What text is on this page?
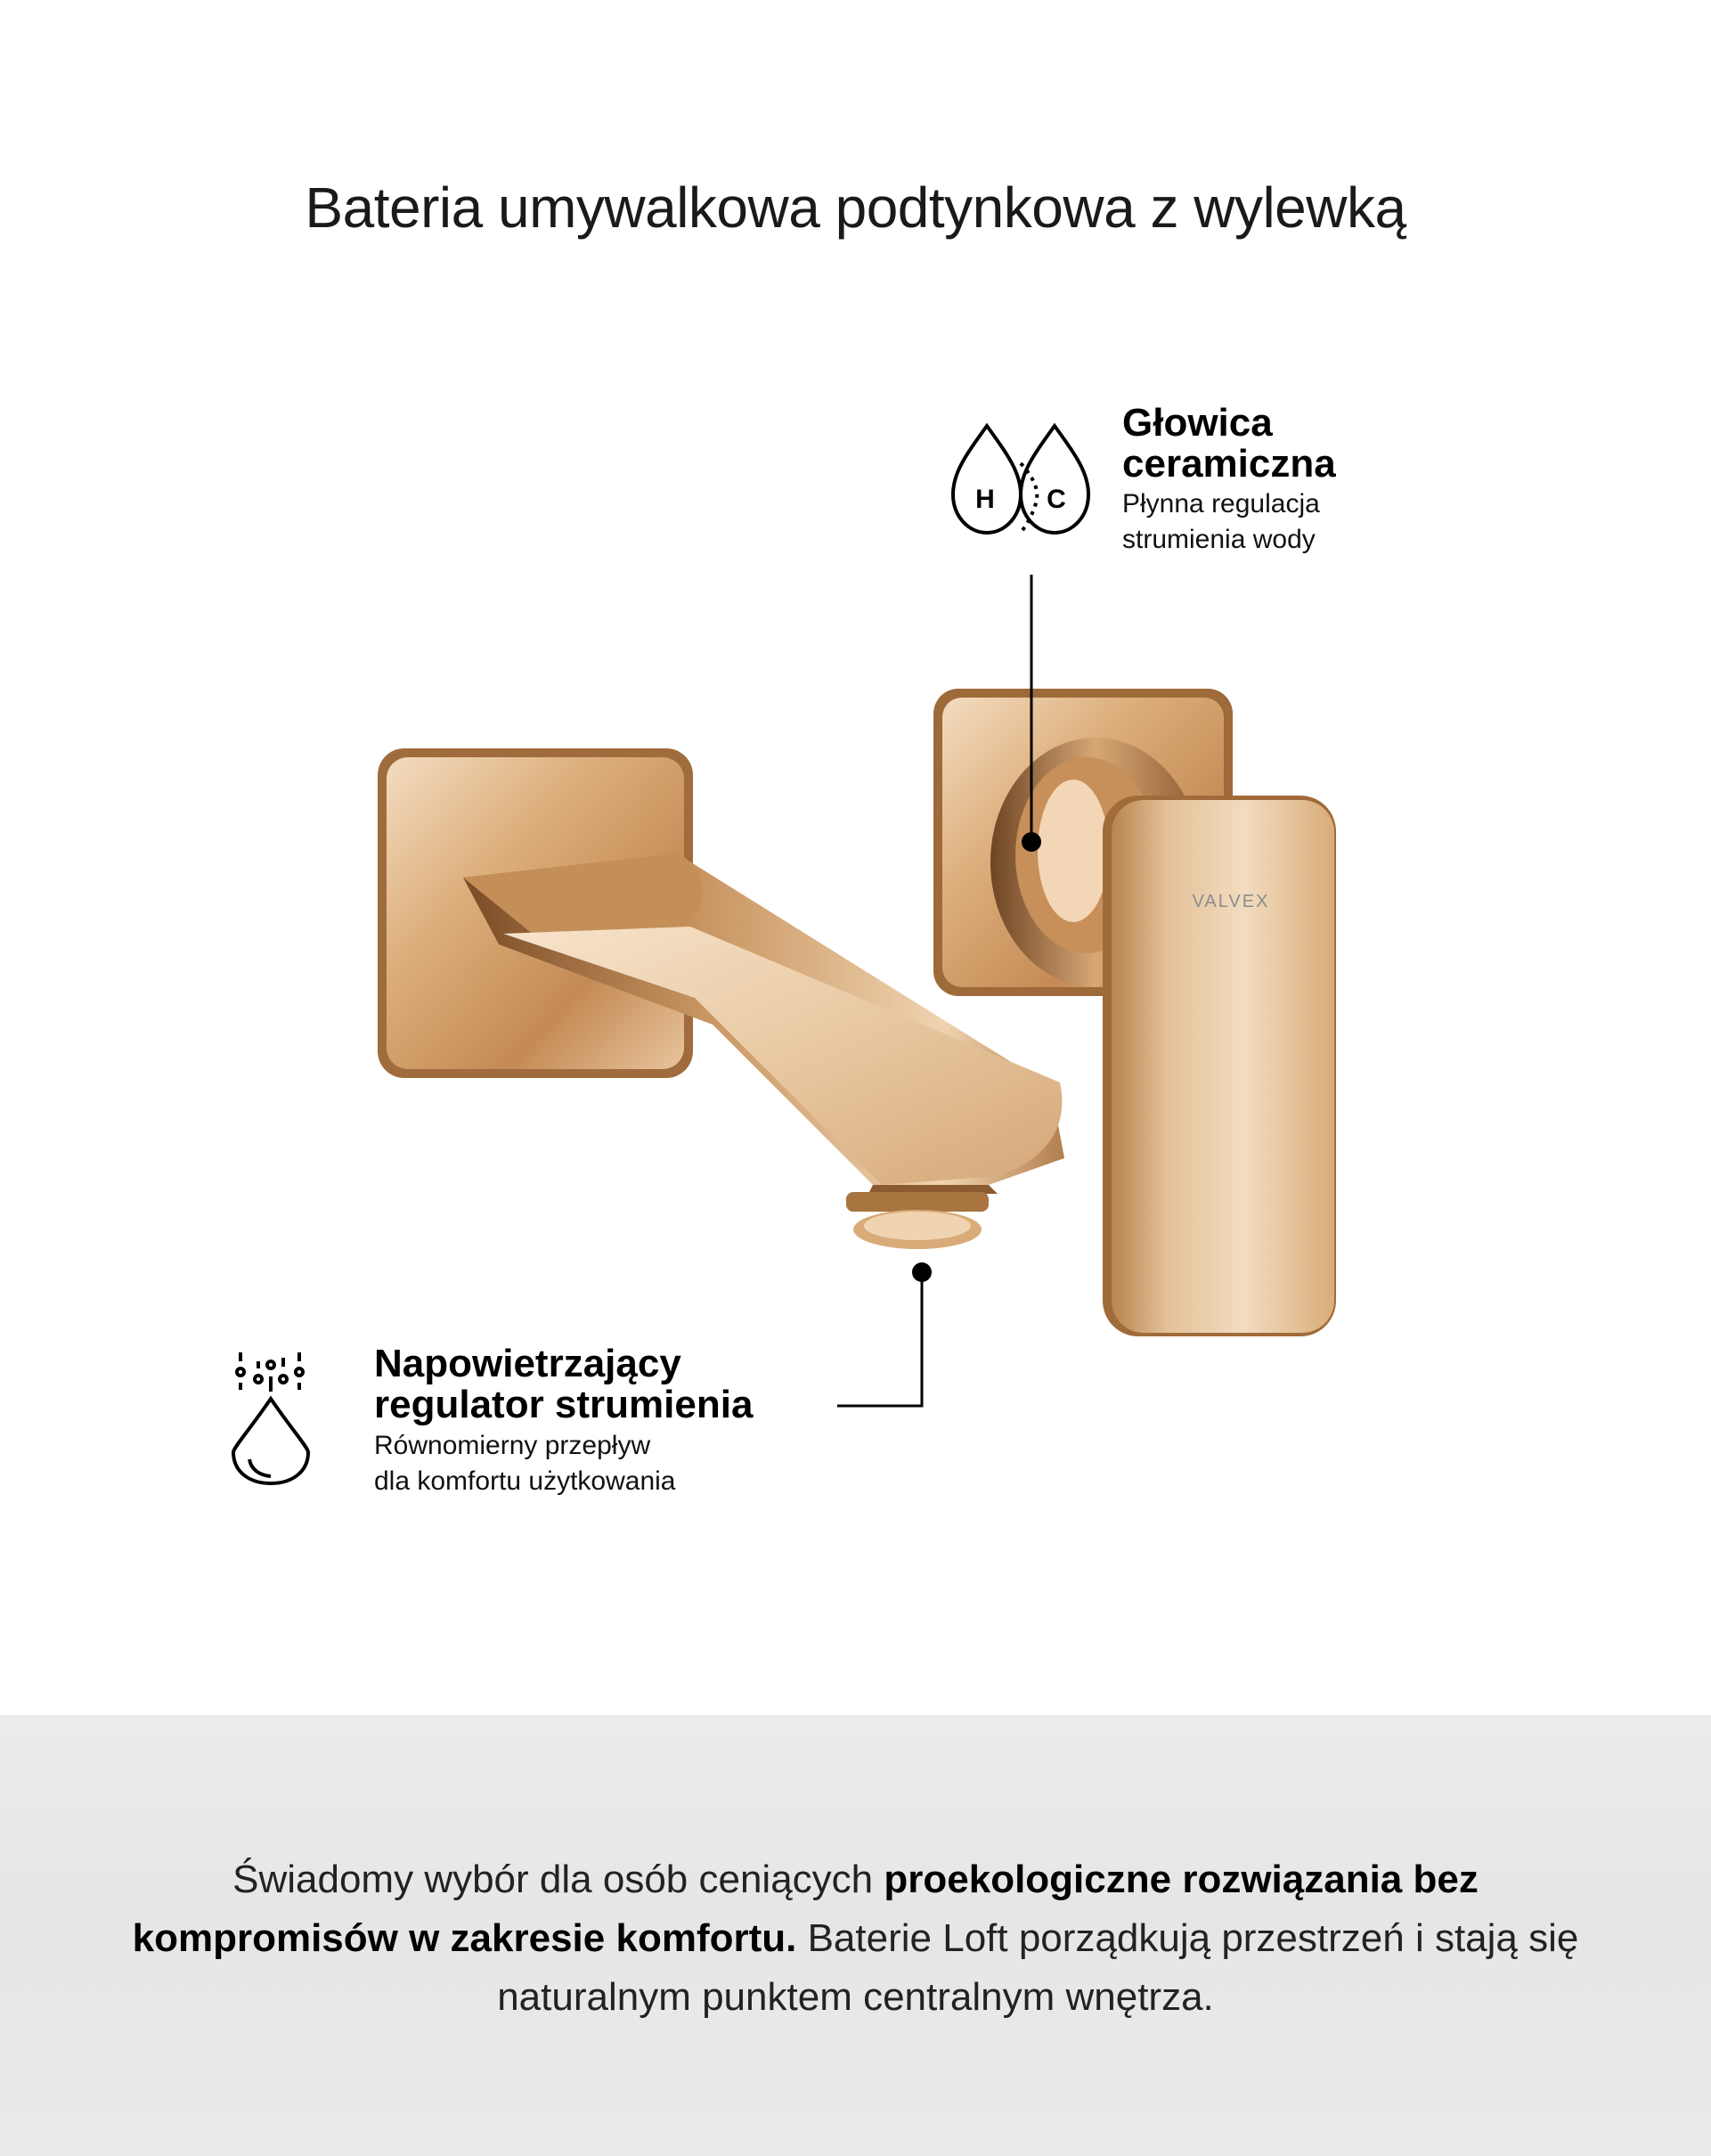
Bateria umywalkowa podtynkowa z wylewką
VALVEX
H C
Głowica
ceramiczna
Płynna regulacja
strumienia wody
Napowietrzający
regulator strumienia
Równomierny przepływ
dla komfortu użytkowania
Świadomy wybór dla osób ceniących proekologiczne rozwiązania bez kompromisów w zakresie komfortu. Baterie Loft porządkują przestrzeń i stają się naturalnym punktem centralnym wnętrza.
